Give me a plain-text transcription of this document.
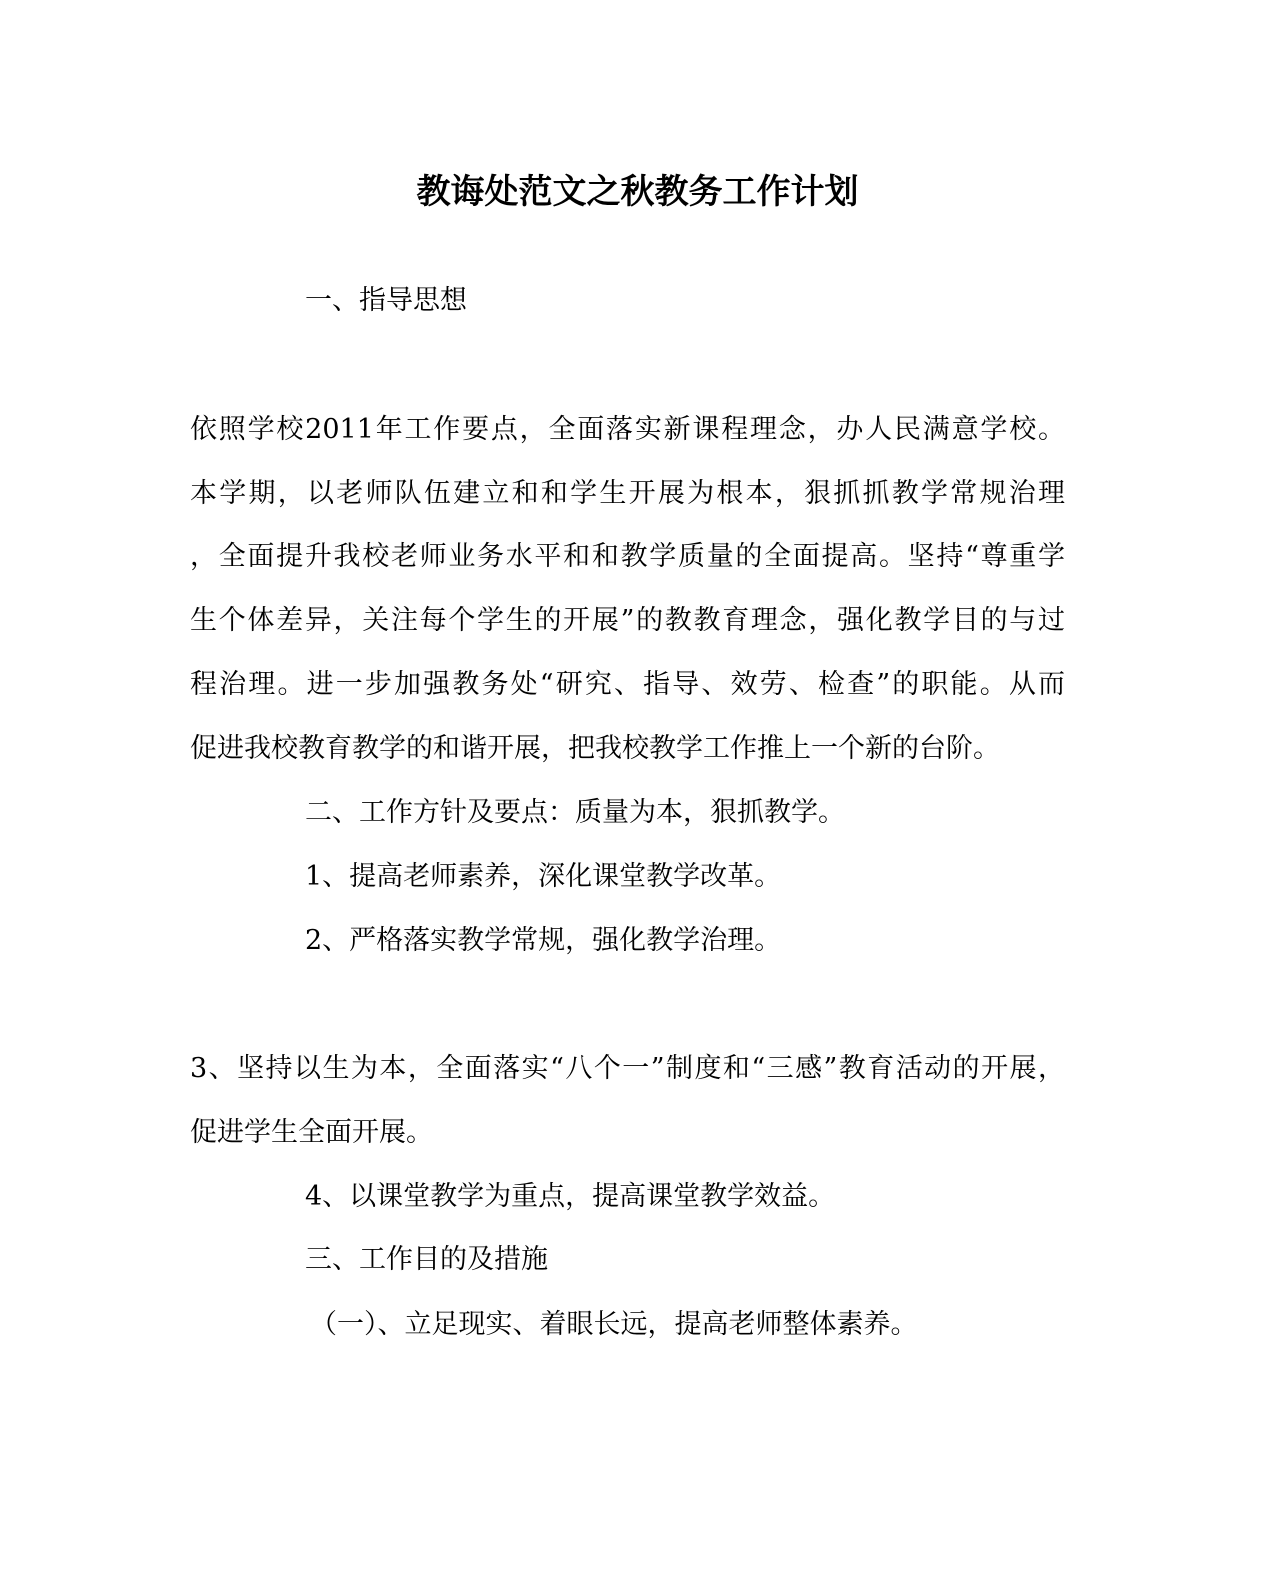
教诲处范文之秋教务工作计划
一、指导思想
依照学校2011年工作要点，全面落实新课程理念，办人民满意学校。
本学期，以老师队伍建立和和学生开展为根本，狠抓抓教学常规治理
，全面提升我校老师业务水平和和教学质量的全面提高。坚持“尊重学
生个体差异，关注每个学生的开展”的教教育理念，强化教学目的与过
程治理。进一步加强教务处“研究、指导、效劳、检查”的职能。从而
促进我校教育教学的和谐开展，把我校教学工作推上一个新的台阶。
二、工作方针及要点：质量为本，狠抓教学。
1、提高老师素养，深化课堂教学改革。
2、严格落实教学常规，强化教学治理。
3、坚持以生为本，全面落实“八个一”制度和“三感”教育活动的开展，
促进学生全面开展。
4、以课堂教学为重点，提高课堂教学效益。
三、工作目的及措施
（一）、立足现实、着眼长远，提高老师整体素养。
